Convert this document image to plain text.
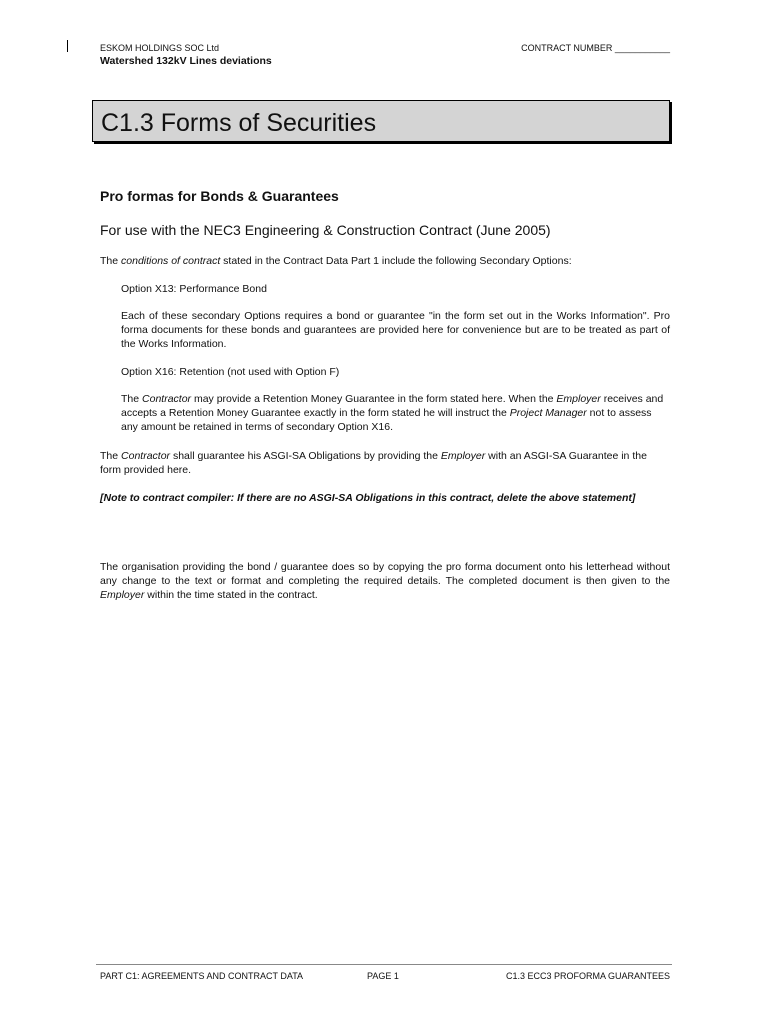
ESKOM HOLDINGS SOC Ltd
Watershed 132kV Lines deviations
CONTRACT NUMBER ___________
C1.3 Forms of Securities
Pro formas for Bonds & Guarantees
For use with the NEC3 Engineering & Construction Contract (June 2005)
The conditions of contract stated in the Contract Data Part 1 include the following Secondary Options:
Option X13: Performance Bond
Each of these secondary Options requires a bond or guarantee "in the form set out in the Works Information". Pro forma documents for these bonds and guarantees are provided here for convenience but are to be treated as part of the Works Information.
Option X16: Retention (not used with Option F)
The Contractor may provide a Retention Money Guarantee in the form stated here. When the Employer receives and accepts a Retention Money Guarantee exactly in the form stated he will instruct the Project Manager not to assess any amount be retained in terms of secondary Option X16.
The Contractor shall guarantee his ASGI-SA Obligations by providing the Employer with an ASGI-SA Guarantee in the form provided here.
[Note to contract compiler: If there are no ASGI-SA Obligations in this contract, delete the above statement]
The organisation providing the bond / guarantee does so by copying the pro forma document onto his letterhead without any change to the text or format and completing the required details. The completed document is then given to the Employer within the time stated in the contract.
PART C1: AGREEMENTS AND CONTRACT DATA	PAGE 1	C1.3 ECC3 PROFORMA GUARANTEES
